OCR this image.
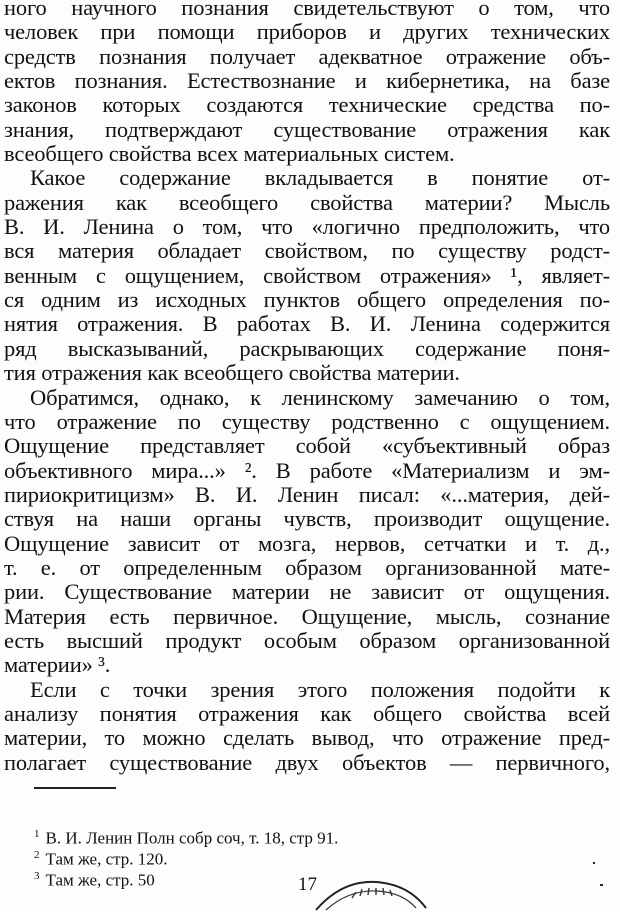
ного научного познания свидетельствуют о том, что
человек при помощи приборов и других технических
средств познания получает адекватное отражение объ-
ектов познания. Естествознание и кибернетика, на базе
законов которых создаются технические средства по-
знания, подтверждают существование отражения как
всеобщего свойства всех материальных систем.
Какое содержание вкладывается в понятие от-
ражения как всеобщего свойства материи? Мысль
В. И. Ленина о том, что «логично предположить, что
вся материя обладает свойством, по существу родст-
венным с ощущением, свойством отражения» ¹, являет-
ся одним из исходных пунктов общего определения по-
нятия отражения. В работах В. И. Ленина содержится
ряд высказываний, раскрывающих содержание поня-
тия отражения как всеобщего свойства материи.
Обратимся, однако, к ленинскому замечанию о том,
что отражение по существу родственно с ощущением.
Ощущение представляет собой «субъективный образ
объективного мира...» ². В работе «Материализм и эм-
пириокритицизм» В. И. Ленин писал: «...материя, дей-
ствуя на наши органы чувств, производит ощущение.
Ощущение зависит от мозга, нервов, сетчатки и т. д.,
т. е. от определенным образом организованной мате-
рии. Существование материи не зависит от ощущения.
Материя есть первичное. Ощущение, мысль, сознание
есть высший продукт особым образом организованной
материи» ³.
Если с точки зрения этого положения подойти к
анализу понятия отражения как общего свойства всей
материи, то можно сделать вывод, что отражение пред-
полагает существование двух объектов — первичного,
$^1$ В. И. Ленин Полн собр соч, т. 18, стр 91.
$^2$ Там же, стр. 120.
$^3$ Там же, стр. 50	17
